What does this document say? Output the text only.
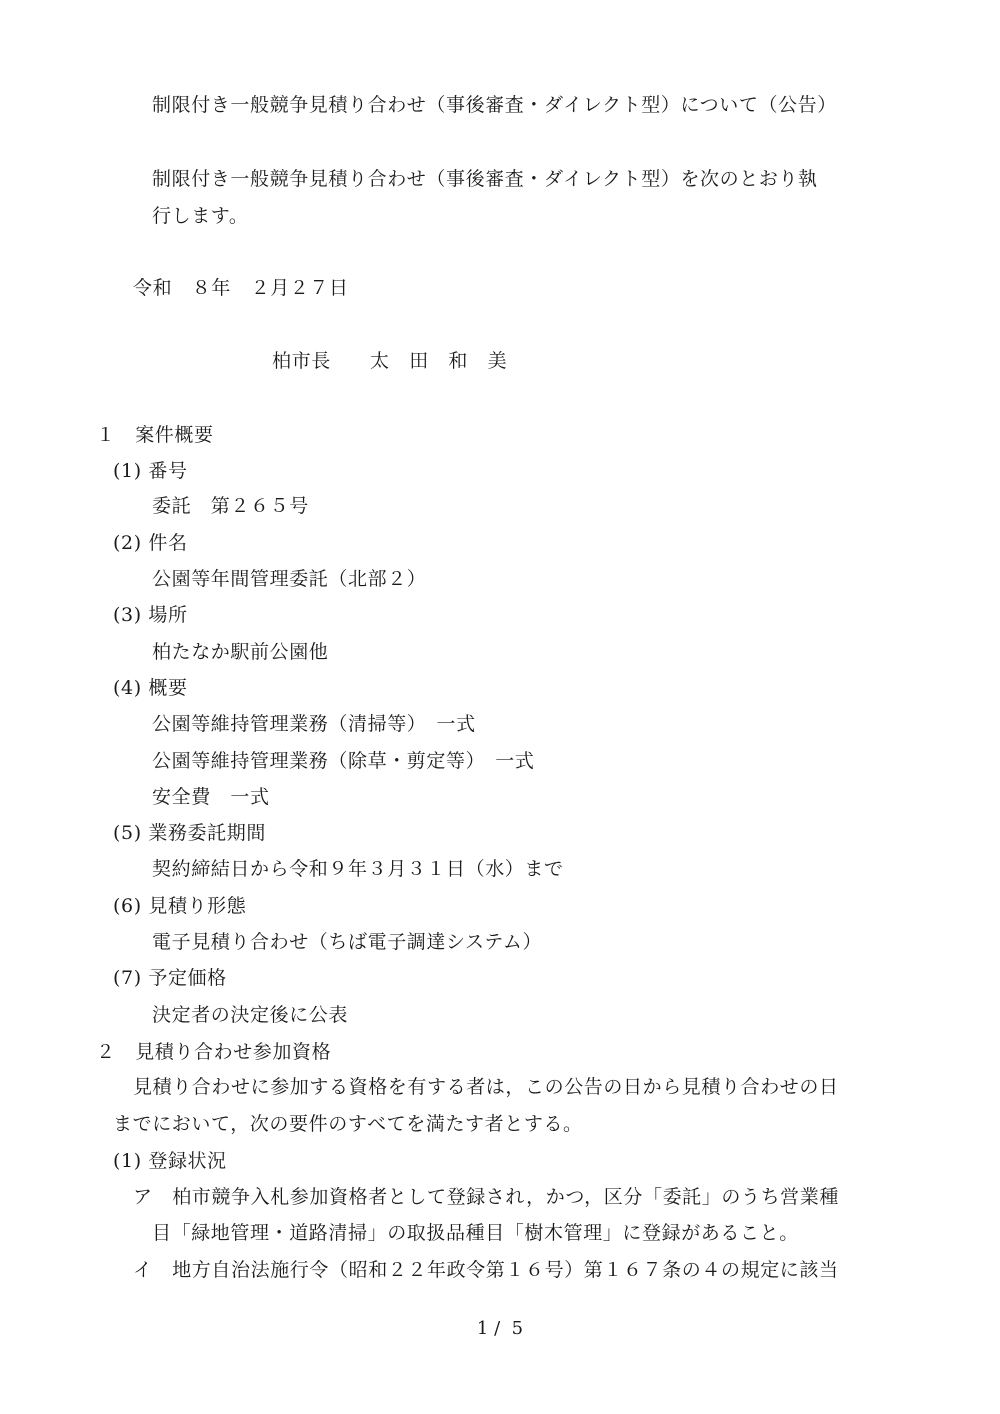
制限付き一般競争見積り合わせ（事後審査・ダイレクト型）について（公告）
制限付き一般競争見積り合わせ（事後審査・ダイレクト型）を次のとおり執
行します。
令和　８年　２月２７日
柏市長　　太　田　和　美
１　案件概要
(1) 番号
委託　第２６５号
(2) 件名
公園等年間管理委託（北部２）
(3) 場所
柏たなか駅前公園他
(4) 概要
公園等維持管理業務（清掃等）　一式
公園等維持管理業務（除草・剪定等）　一式
安全費　一式
(5) 業務委託期間
契約締結日から令和９年３月３１日（水）まで
(6) 見積り形態
電子見積り合わせ（ちば電子調達システム）
(7) 予定価格
決定者の決定後に公表
２　見積り合わせ参加資格
見積り合わせに参加する資格を有する者は，この公告の日から見積り合わせの日
までにおいて，次の要件のすべてを満たす者とする。
(1) 登録状況
ア　柏市競争入札参加資格者として登録され，かつ，区分「委託」のうち営業種
目「緑地管理・道路清掃」の取扱品種目「樹木管理」に登録があること。
イ　地方自治法施行令（昭和２２年政令第１６号）第１６７条の４の規定に該当
1 /  5
